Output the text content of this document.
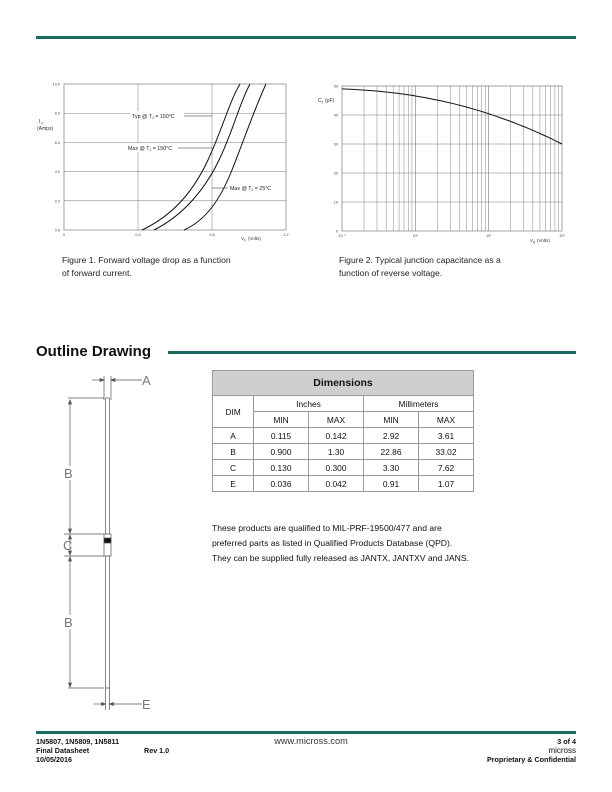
I F
(Amps)
V F (Volts)
0.0
2.0
4.0
6.0
8.0
10.0
0	0.4	0.8	1.2
Typ @ $T_J = 150^\circ C$
Max @ $T_J = 150^\circ C$
Max @ $T_J = 25^\circ C$
Figure 1. Forward voltage drop as a function
of forward current.
C J (pF)
V R (Volts)
0
10
20
30
40
50
10⁻¹	10⁰	10¹	10²
Figure 2. Typical junction capacitance as a
function of reverse voltage.
Outline Drawing
A
B
C
B
E
Dimensions				
DIM	Inches		Millimeters	
	MIN	MAX	MIN	MAX
A	0.115	0.142	2.92	3.61
B	0.900	1.30	22.86	33.02
C	0.130	0.300	3.30	7.62
E	0.036	0.042	0.91	1.07
These products are qualified to MIL-PRF-19500/477 and are
preferred parts as listed in Qualified Products Database (QPD).
They can be supplied fully released as JANTX, JANTXV and JANS.
1N5807, 1N5809, 1N5811
Final Datasheet	Rev 1.0
10/05/2016
www.micross.com	3 of 4
micross
Proprietary & Confidential
